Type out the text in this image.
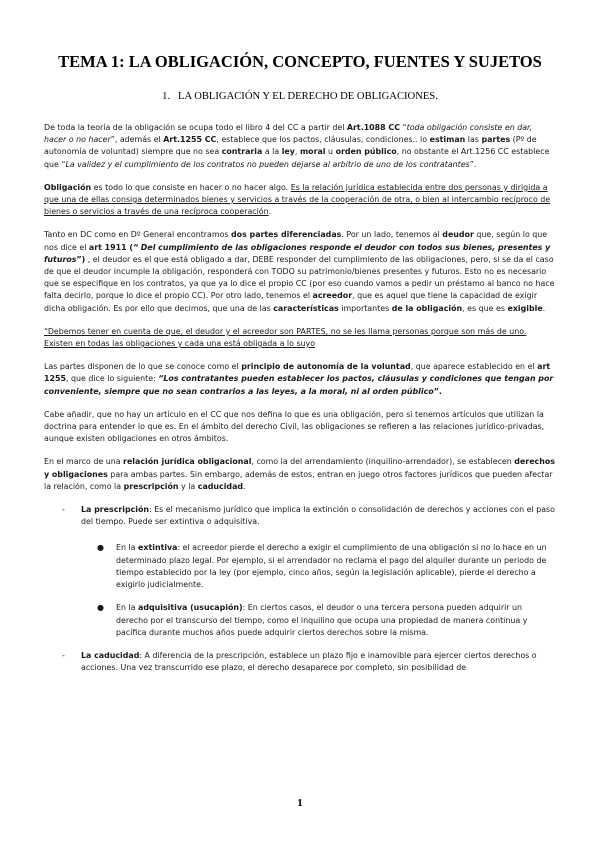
TEMA 1: LA OBLIGACIÓN, CONCEPTO, FUENTES Y SUJETOS
1.   LA OBLIGACIÓN Y EL DERECHO DE OBLIGACIONES.

De toda la teoría de la obligación se ocupa todo el libro 4 del CC a partir del Art.1088 CC “toda obligación consiste en dar, hacer o no hacer”, además el Art.1255 CC, establece que los pactos, cláusulas, condiciones.. lo estiman las partes (Pº de autonomía de voluntad) siempre que no sea contraria a la ley, moral u orden público, no obstante el Art.1256 CC establece que “La validez y el cumplimiento de los contratos no pueden dejarse al arbitrio de uno de los contratantes”.

Obligación es todo lo que consiste en hacer o no hacer algo. Es la relación jurídica establecida entre dos personas y dirigida a que una de ellas consiga determinados bienes y servicios a través de la cooperación de otra, o bien al intercambio recíproco de bienes o servicios a través de una recíproca cooperación.

Tanto en DC como en Dº General encontramos dos partes diferenciadas. Por un lado, tenemos al deudor que, según lo que nos dice el art 1911 (“ Del cumplimiento de las obligaciones responde el deudor con todos sus bienes, presentes y futuros”) , el deudor es el que está obligado a dar, DEBE responder del cumplimiento de las obligaciones, pero, si se da el caso de que el deudor incumple la obligación, responderá con TODO su patrimonio/bienes presentes y futuros. Esto no es necesario que se especifique en los contratos, ya que ya lo dice el propio CC (por eso cuando vamos a pedir un préstamo al banco no hace falta decirlo, porque lo dice el propio CC). Por otro lado, tenemos el acreedor, que es aquel que tiene la capacidad de exigir dicha obligación. Es por ello que decimos, que una de las características importantes de la obligación, es que es exigible.

“Debemos tener en cuenta de que, el deudor y el acreedor son PARTES, no se les llama personas porque son más de uno. Existen en todas las obligaciones y cada una está obligada a lo suyo

Las partes disponen de lo que se conoce como el principio de autonomía de la voluntad, que aparece establecido en el art 1255, que dice lo siguiente: “Los contratantes pueden establecer los pactos, cláusulas y condiciones que tengan por conveniente, siempre que no sean contrarios a las leyes, a la moral, ni al orden público”.

Cabe añadir, que no hay un artículo en el CC que nos defina lo que es una obligación, pero si tenemos artículos que utilizan la doctrina para entender lo que es. En el ámbito del derecho Civil, las obligaciones se refieren a las relaciones jurídico-privadas, aunque existen obligaciones en otros ámbitos.

En el marco de una relación jurídica obligacional, como la del arrendamiento (inquilino-arrendador), se establecen derechos y obligaciones para ambas partes. Sin embargo, además de estos, entran en juego otros factores jurídicos que pueden afectar la relación, como la prescripción y la caducidad.

- La prescripción: Es el mecanismo jurídico que implica la extinción o consolidación de derechos y acciones con el paso del tiempo. Puede ser extintiva o adquisitiva.
● En la extintiva: el acreedor pierde el derecho a exigir el cumplimiento de una obligación si no lo hace en un determinado plazo legal. Por ejemplo, si el arrendador no reclama el pago del alquiler durante un periodo de tiempo establecido por la ley (por ejemplo, cinco años, según la legislación aplicable), pierde el derecho a exigirlo judicialmente.
● En la adquisitiva (usucapión): En ciertos casos, el deudor o una tercera persona pueden adquirir un derecho por el transcurso del tiempo, como el inquilino que ocupa una propiedad de manera continua y pacífica durante muchos años puede adquirir ciertos derechos sobre la misma.
- La caducidad: A diferencia de la prescripción, establece un plazo fijo e inamovible para ejercer ciertos derechos o acciones. Una vez transcurrido ese plazo, el derecho desaparece por completo, sin posibilidad de
1
